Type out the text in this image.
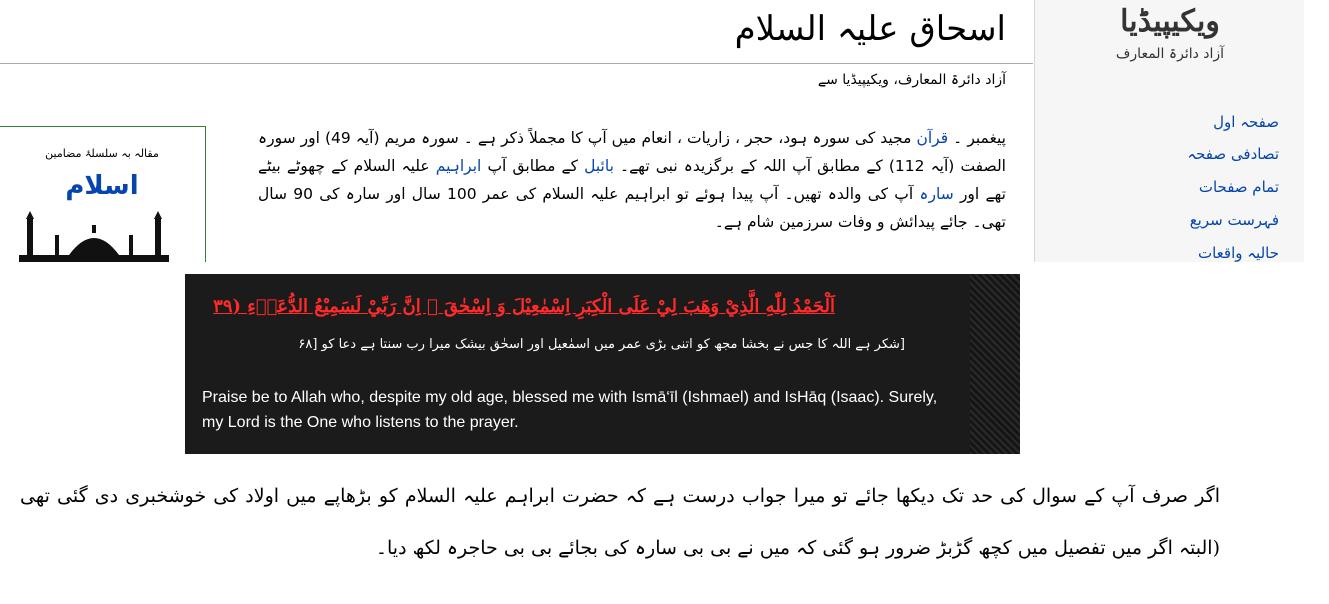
اسحاق علیہ السلام
آزاد دائرۃ المعارف، ویکیپیڈیا سے
پیغمبر ۔ قرآن مجید کی سورہ ہود، حجر ، زاریات ، انعام میں آپ کا مجملاً ذکر ہے ۔ سورہ مریم (آیہ 49) اور سورہ الصفت (آیہ 112) کے مطابق آپ اللہ کے برگزیدہ نبی تھے۔ بائبل کے مطابق آپ ابراہیم علیہ السلام کے چھوٹے بیٹے تھے اور سارہ آپ کی والدہ تھیں۔ آپ پیدا ہوئے تو ابراہیم علیہ السلام کی عمر 100 سال اور سارہ کی 90 سال تھی۔ جائے پیدائش و وفات سرزمین شام ہے۔
مقالہ بہ سلسلۂ مضامین
اسلام
ویکیپیڈیا
آزاد دائرۃ المعارف
صفحہ اول
تصادفی صفحہ
تمام صفحات
فہرست سریع
حالیہ واقعات
اَلْحَمْدُ لِلّٰهِ الَّذِيْ وَهَبَ لِيْ عَلَى الْكِبَرِ اِسْمٰعِيْلَ وَ اِسْحٰقَ ۭ اِنَّ رَبِّيْ لَسَمِيْعُ الدُّعَاۗءِ (٣٩
[شکر ہے اللہ کا جس نے بخشا مجھ کو اتنی بڑی عمر میں اسمٰعیل اور اسحٰق بیشک میرا رب سنتا ہے دعا کو [۶۸
Praise be to Allah who, despite my old age, blessed me with Ismā‘īl (Ishmael) and IsHāq (Isaac). Surely, my Lord is the One who listens to the prayer.
اگر صرف آپ کے سوال کی حد تک دیکھا جائے تو میرا جواب درست ہے کہ حضرت ابراہم علیہ السلام کو بڑھاپے میں اولاد کی خوشخبری دی گئی تھی (البتہ اگر میں تفصیل میں کچھ گڑبڑ ضرور ہو گئی کہ میں نے بی بی سارہ کی بجائے بی بی حاجرہ لکھ دیا۔
